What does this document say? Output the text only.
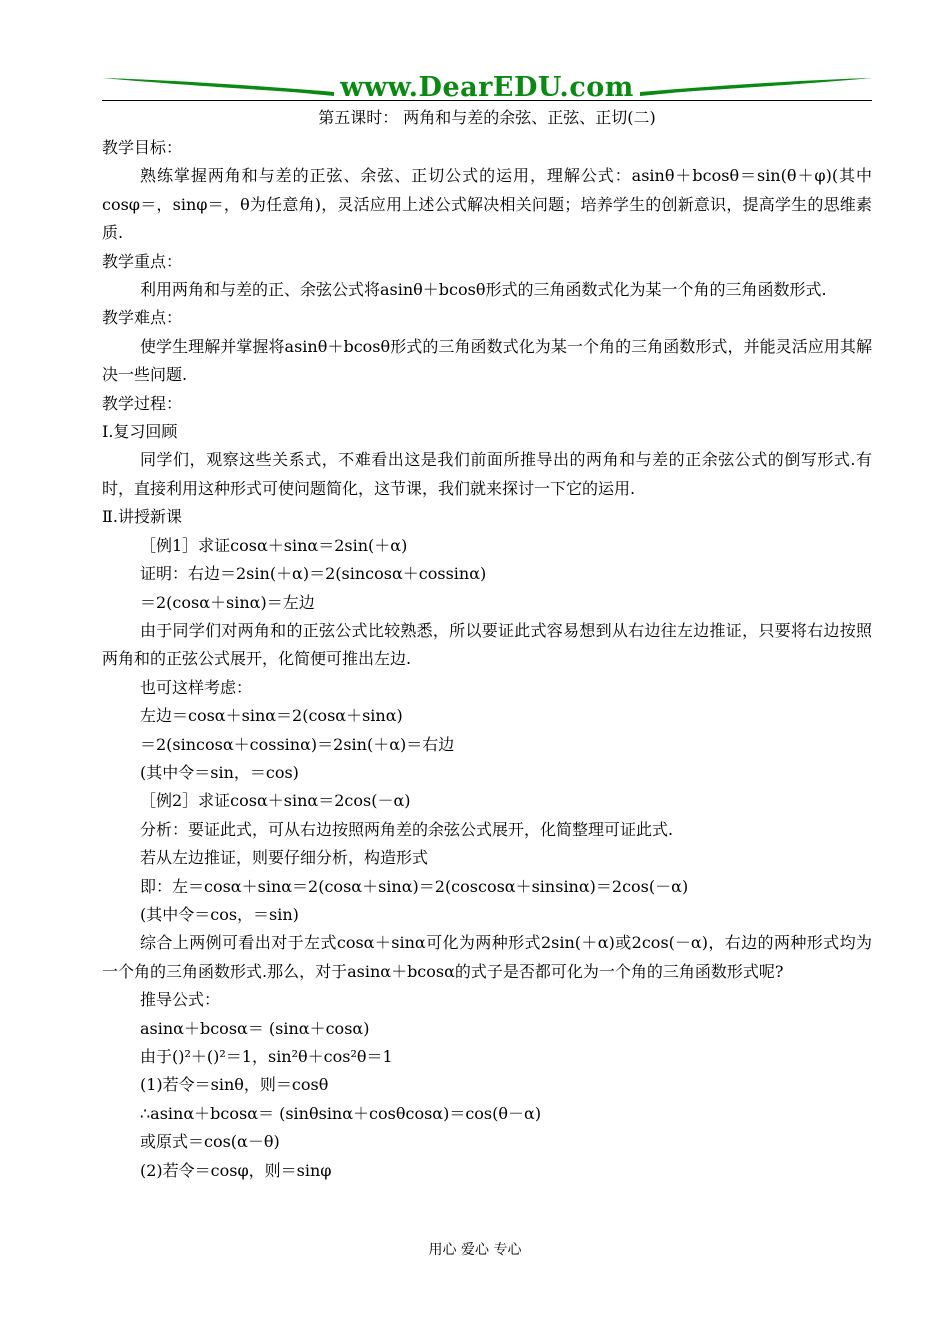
www.DearEDU.com
第五课时： 两角和与差的余弦、正弦、正切(二)

教学目标：

熟练掌握两角和与差的正弦、余弦、正切公式的运用，理解公式：asinθ＋bcosθ＝sin(θ＋φ)(其中cosφ＝，sinφ＝，θ为任意角)，灵活应用上述公式解决相关问题；培养学生的创新意识，提高学生的思维素质.

教学重点：

利用两角和与差的正、余弦公式将asinθ＋bcosθ形式的三角函数式化为某一个角的三角函数形式.

教学难点：

使学生理解并掌握将asinθ＋bcosθ形式的三角函数式化为某一个角的三角函数形式，并能灵活应用其解决一些问题.

教学过程：

Ⅰ.复习回顾

同学们，观察这些关系式，不难看出这是我们前面所推导出的两角和与差的正余弦公式的倒写形式.有时，直接利用这种形式可使问题简化，这节课，我们就来探讨一下它的运用.

Ⅱ.讲授新课

［例1］求证cosα＋sinα＝2sin(＋α)

证明：右边＝2sin(＋α)＝2(sincosα＋cossinα)

＝2(cosα＋sinα)＝左边

由于同学们对两角和的正弦公式比较熟悉，所以要证此式容易想到从右边往左边推证，只要将右边按照两角和的正弦公式展开，化简便可推出左边.

也可这样考虑：

左边＝cosα＋sinα＝2(cosα＋sinα)

＝2(sincosα＋cossinα)＝2sin(＋α)＝右边

(其中令＝sin，＝cos)

［例2］求证cosα＋sinα＝2cos(－α)

分析：要证此式，可从右边按照两角差的余弦公式展开，化简整理可证此式.

若从左边推证，则要仔细分析，构造形式

即：左＝cosα＋sinα＝2(cosα＋sinα)＝2(coscosα＋sinsinα)＝2cos(－α)

(其中令＝cos，＝sin)

综合上两例可看出对于左式cosα＋sinα可化为两种形式2sin(＋α)或2cos(－α)，右边的两种形式均为一个角的三角函数形式.那么，对于asinα＋bcosα的式子是否都可化为一个角的三角函数形式呢?

推导公式：

asinα＋bcosα＝ (sinα＋cosα)

由于()²＋()²＝1，sin²θ＋cos²θ＝1

(1)若令＝sinθ，则＝cosθ

∴asinα＋bcosα＝ (sinθsinα＋cosθcosα)＝cos(θ－α)

或原式＝cos(α－θ)

(2)若令＝cosφ，则＝sinφ

用心 爱心 专心
